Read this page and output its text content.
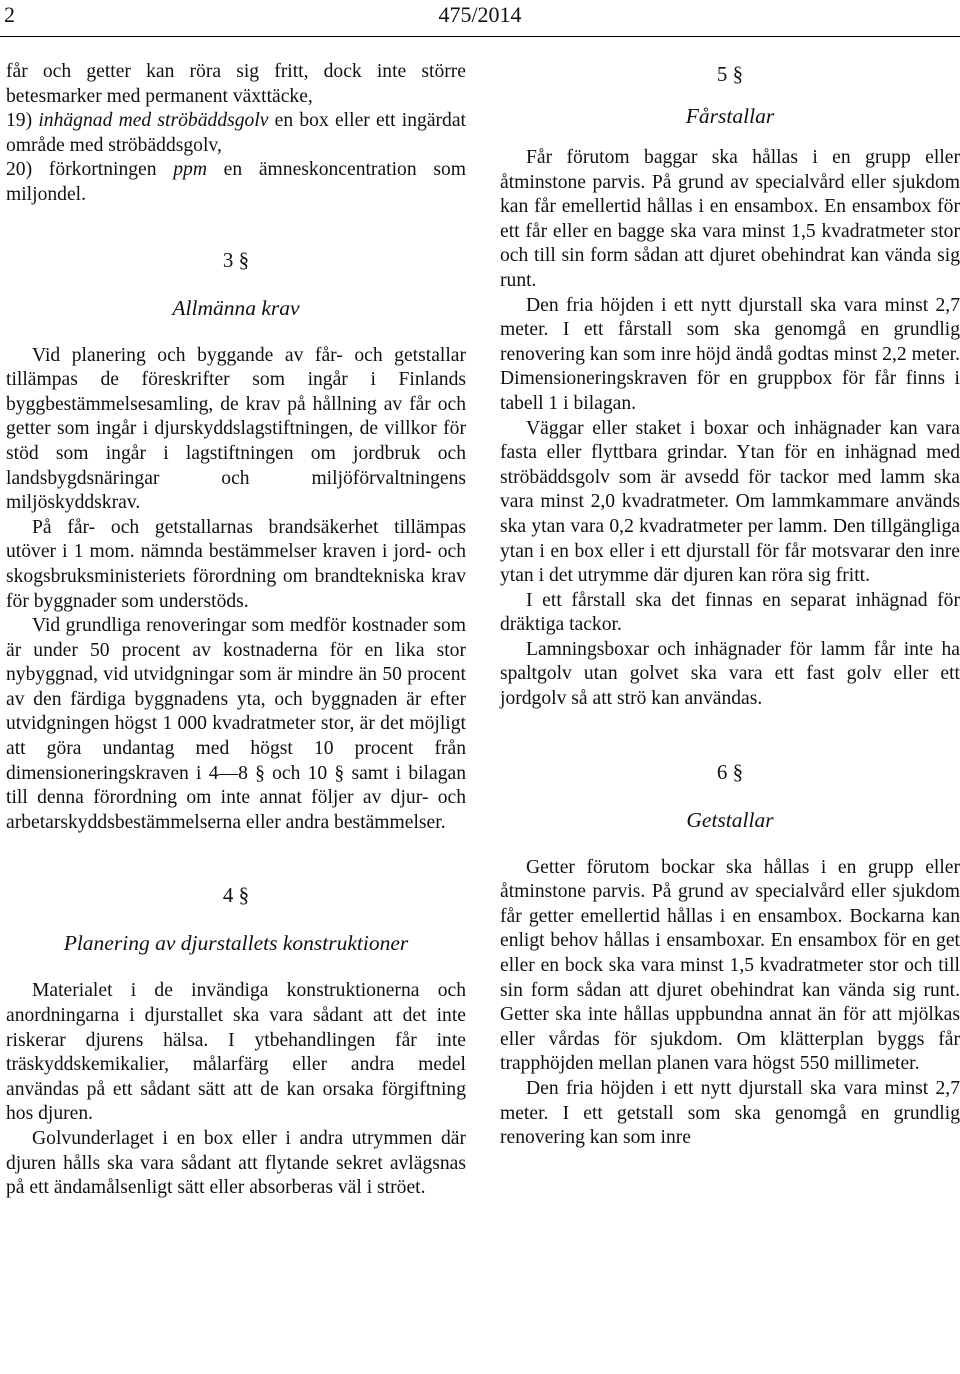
2	475/2014

får och getter kan röra sig fritt, dock inte större betesmarker med permanent växttäcke,

19) inhägnad med ströbäddsgolv en box eller ett ingärdat område med ströbäddsgolv,

20) förkortningen ppm en ämneskoncentration som miljondel.

3 §
Allmänna krav

Vid planering och byggande av får- och getstallar tillämpas de föreskrifter som ingår i Finlands byggbestämmelsesamling, de krav på hållning av får och getter som ingår i djurskyddslagstiftningen, de villkor för stöd som ingår i lagstiftningen om jordbruk och landsbygdsnäringar och miljöförvaltningens miljöskyddskrav.

På får- och getstallarnas brandsäkerhet tillämpas utöver i 1 mom. nämnda bestämmelser kraven i jord- och skogsbruksministeriets förordning om brandtekniska krav för byggnader som understöds.

Vid grundliga renoveringar som medför kostnader som är under 50 procent av kostnaderna för en lika stor nybyggnad, vid utvidgningar som är mindre än 50 procent av den färdiga byggnadens yta, och byggnaden är efter utvidgningen högst 1 000 kvadratmeter stor, är det möjligt att göra undantag med högst 10 procent från dimensioneringskraven i 4—8 § och 10 § samt i bilagan till denna förordning om inte annat följer av djur- och arbetarskyddsbestämmelserna eller andra bestämmelser.

4 §
Planering av djurstallets konstruktioner

Materialet i de invändiga konstruktionerna och anordningarna i djurstallet ska vara sådant att det inte riskerar djurens hälsa. I ytbehandlingen får inte träskyddskemikalier, målarfärg eller andra medel användas på ett sådant sätt att de kan orsaka förgiftning hos djuren.

Golvunderlaget i en box eller i andra utrymmen där djuren hålls ska vara sådant att flytande sekret avlägsnas på ett ändamålsenligt sätt eller absorberas väl i ströet.

5 §
Fårstallar

Får förutom baggar ska hållas i en grupp eller åtminstone parvis. På grund av specialvård eller sjukdom kan får emellertid hållas i en ensambox. En ensambox för ett får eller en bagge ska vara minst 1,5 kvadratmeter stor och till sin form sådan att djuret obehindrat kan vända sig runt.

Den fria höjden i ett nytt djurstall ska vara minst 2,7 meter. I ett fårstall som ska genomgå en grundlig renovering kan som inre höjd ändå godtas minst 2,2 meter. Dimensioneringskraven för en gruppbox för får finns i tabell 1 i bilagan.

Väggar eller staket i boxar och inhägnader kan vara fasta eller flyttbara grindar. Ytan för en inhägnad med ströbäddsgolv som är avsedd för tackor med lamm ska vara minst 2,0 kvadratmeter. Om lammkammare används ska ytan vara 0,2 kvadratmeter per lamm. Den tillgängliga ytan i en box eller i ett djurstall för får motsvarar den inre ytan i det utrymme där djuren kan röra sig fritt.

I ett fårstall ska det finnas en separat inhägnad för dräktiga tackor.

Lamningsboxar och inhägnader för lamm får inte ha spaltgolv utan golvet ska vara ett fast golv eller ett jordgolv så att strö kan användas.

6 §
Getstallar

Getter förutom bockar ska hållas i en grupp eller åtminstone parvis. På grund av specialvård eller sjukdom får getter emellertid hållas i en ensambox. Bockarna kan enligt behov hållas i ensamboxar. En ensambox för en get eller en bock ska vara minst 1,5 kvadratmeter stor och till sin form sådan att djuret obehindrat kan vända sig runt. Getter ska inte hållas uppbundna annat än för att mjölkas eller vårdas för sjukdom. Om klätterplan byggs får trapphöjden mellan planen vara högst 550 millimeter.

Den fria höjden i ett nytt djurstall ska vara minst 2,7 meter. I ett getstall som ska genomgå en grundlig renovering kan som inre
